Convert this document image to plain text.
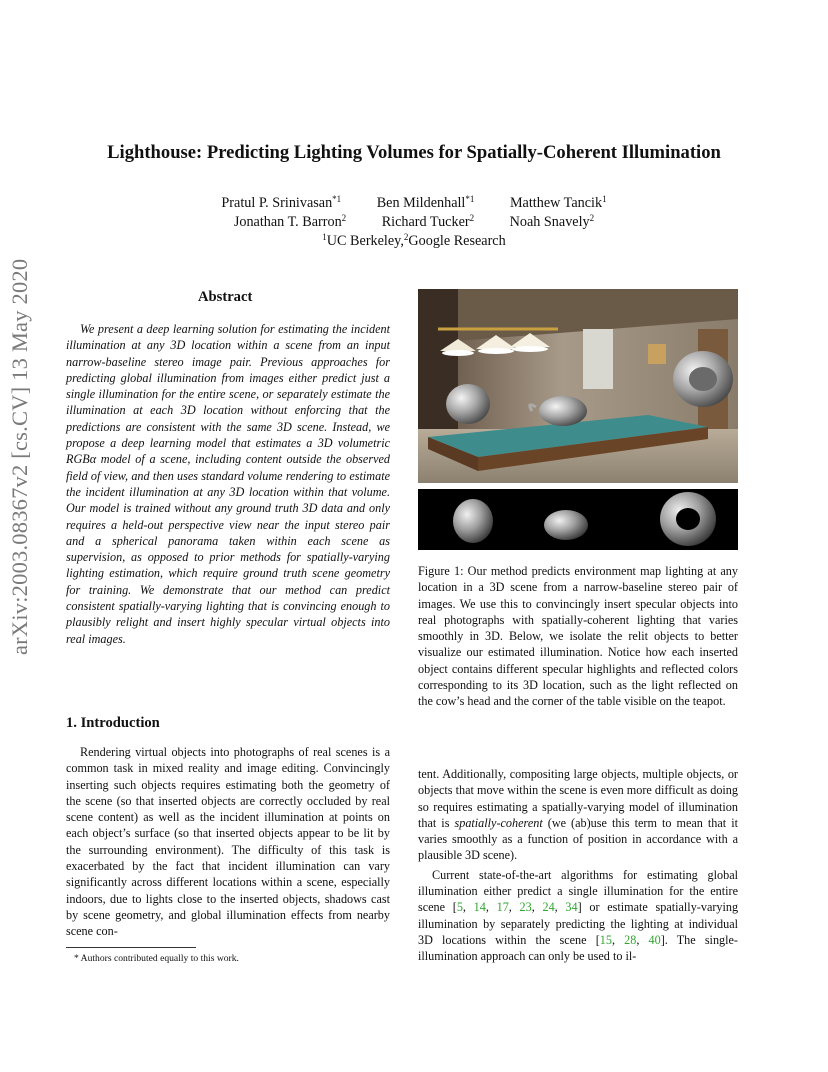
arXiv:2003.08367v2 [cs.CV] 13 May 2020
Lighthouse: Predicting Lighting Volumes for Spatially-Coherent Illumination
Pratul P. Srinivasan$^{*1}$	Ben Mildenhall$^{*1}$	Matthew Tancik$^1$
Jonathan T. Barron$^2$	Richard Tucker$^2$	Noah Snavely$^2$
$^1$UC Berkeley,$^2$Google Research
Abstract

We present a deep learning solution for estimating the incident illumination at any 3D location within a scene from an input narrow-baseline stereo image pair. Previous approaches for predicting global illumination from images either predict just a single illumination for the entire scene, or separately estimate the illumination at each 3D location without enforcing that the predictions are consistent with the same 3D scene. Instead, we propose a deep learning model that estimates a 3D volumetric RGBα model of a scene, including content outside the observed field of view, and then uses standard volume rendering to estimate the incident illumination at any 3D location within that volume. Our model is trained without any ground truth 3D data and only requires a held-out perspective view near the input stereo pair and a spherical panorama taken within each scene as supervision, as opposed to prior methods for spatially-varying lighting estimation, which require ground truth scene geometry for training. We demonstrate that our method can predict consistent spatially-varying lighting that is convincing enough to plausibly relight and insert highly specular virtual objects into real images.

1. Introduction

Rendering virtual objects into photographs of real scenes is a common task in mixed reality and image editing. Convincingly inserting such objects requires estimating both the geometry of the scene (so that inserted objects are correctly occluded by real scene content) as well as the incident illumination at points on each object’s surface (so that inserted objects appear to be lit by the surrounding environment). The difficulty of this task is exacerbated by the fact that incident illumination can vary significantly across different locations within a scene, especially indoors, due to lights close to the inserted objects, shadows cast by scene geometry, and global illumination effects from nearby scene con-

tent. Additionally, compositing large objects, multiple objects, or objects that move within the scene is even more difficult as doing so requires estimating a spatially-varying model of illumination that is spatially-coherent (we (ab)use this term to mean that it varies smoothly as a function of position in accordance with a plausible 3D scene).

Current state-of-the-art algorithms for estimating global illumination either predict a single illumination for the entire scene [5, 14, 17, 23, 24, 34] or estimate spatially-varying illumination by separately predicting the lighting at individual 3D locations within the scene [15, 28, 40]. The single-illumination approach can only be used to il-

* Authors contributed equally to this work.
Figure 1: Our method predicts environment map lighting at any location in a 3D scene from a narrow-baseline stereo pair of images. We use this to convincingly insert specular objects into real photographs with spatially-coherent lighting that varies smoothly in 3D. Below, we isolate the relit objects to better visualize our estimated illumination. Notice how each inserted object contains different specular highlights and reflected colors corresponding to its 3D location, such as the light reflected on the cow’s head and the corner of the table visible on the teapot.
